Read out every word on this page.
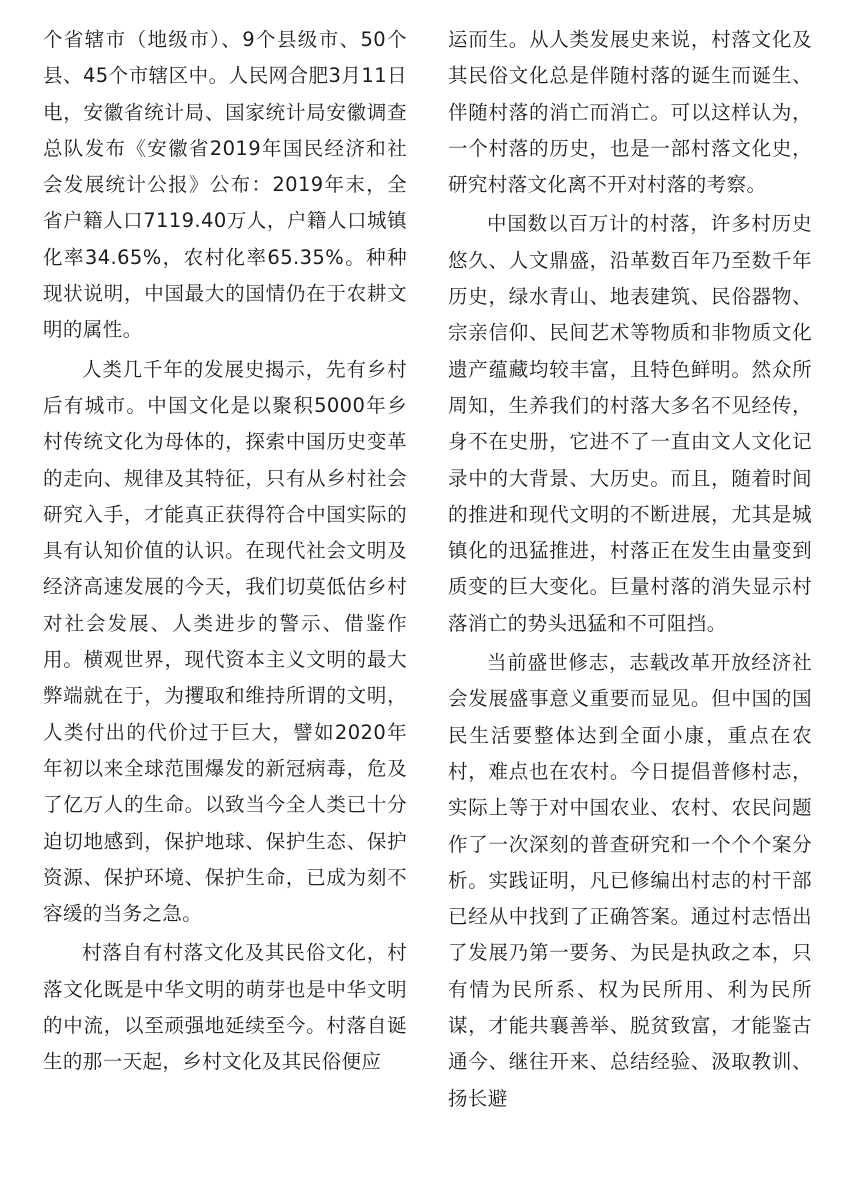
个省辖市（地级市）、9个县级市、50个县、45个市辖区中。人民网合肥3月11日电，安徽省统计局、国家统计局安徽调查总队发布《安徽省2019年国民经济和社会发展统计公报》公布：2019年末，全省户籍人口7119.40万人，户籍人口城镇化率34.65%，农村化率65.35%。种种现状说明，中国最大的国情仍在于农耕文明的属性。

人类几千年的发展史揭示，先有乡村后有城市。中国文化是以聚积5000年乡村传统文化为母体的，探索中国历史变革的走向、规律及其特征，只有从乡村社会研究入手，才能真正获得符合中国实际的具有认知价值的认识。在现代社会文明及经济高速发展的今天，我们切莫低估乡村对社会发展、人类进步的警示、借鉴作用。横观世界，现代资本主义文明的最大弊端就在于，为攫取和维持所谓的文明，人类付出的代价过于巨大，譬如2020年年初以来全球范围爆发的新冠病毒，危及了亿万人的生命。以致当今全人类已十分迫切地感到，保护地球、保护生态、保护资源、保护环境、保护生命，已成为刻不容缓的当务之急。

村落自有村落文化及其民俗文化，村落文化既是中华文明的萌芽也是中华文明的中流，以至顽强地延续至今。村落自诞生的那一天起，乡村文化及其民俗便应

运而生。从人类发展史来说，村落文化及其民俗文化总是伴随村落的诞生而诞生、伴随村落的消亡而消亡。可以这样认为，一个村落的历史，也是一部村落文化史，研究村落文化离不开对村落的考察。

中国数以百万计的村落，许多村历史悠久、人文鼎盛，沿革数百年乃至数千年历史，绿水青山、地表建筑、民俗器物、宗亲信仰、民间艺术等物质和非物质文化遗产蕴藏均较丰富，且特色鲜明。然众所周知，生养我们的村落大多名不见经传，身不在史册，它进不了一直由文人文化记录中的大背景、大历史。而且，随着时间的推进和现代文明的不断进展，尤其是城镇化的迅猛推进，村落正在发生由量变到质变的巨大变化。巨量村落的消失显示村落消亡的势头迅猛和不可阻挡。

当前盛世修志，志载改革开放经济社会发展盛事意义重要而显见。但中国的国民生活要整体达到全面小康，重点在农村，难点也在农村。今日提倡普修村志，实际上等于对中国农业、农村、农民问题作了一次深刻的普查研究和一个个个案分析。实践证明，凡已修编出村志的村干部已经从中找到了正确答案。通过村志悟出了发展乃第一要务、为民是执政之本，只有情为民所系、权为民所用、利为民所谋，才能共襄善举、脱贫致富，才能鉴古通今、继往开来、总结经验、汲取教训、扬长避
